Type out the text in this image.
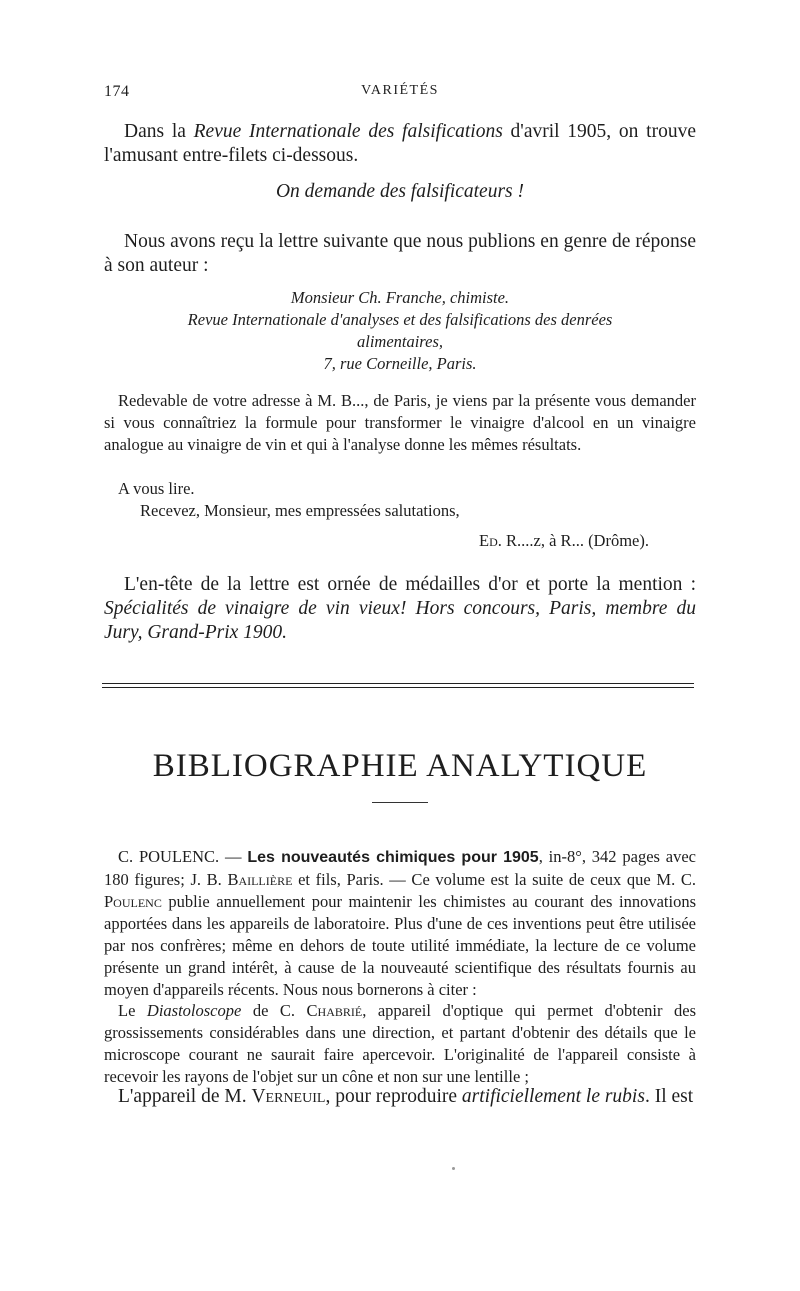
174	VARIÉTÉS

Dans la Revue Internationale des falsifications d'avril 1905, on trouve l'amusant entre-filets ci-dessous.

On demande des falsificateurs !

Nous avons reçu la lettre suivante que nous publions en genre de réponse à son auteur :

Monsieur Ch. Franche, chimiste.
Revue Internationale d'analyses et des falsifications des denrées
alimentaires,
7, rue Corneille, Paris.

Redevable de votre adresse à M. B..., de Paris, je viens par la présente vous demander si vous connaîtriez la formule pour transformer le vinaigre d'alcool en un vinaigre analogue au vinaigre de vin et qui à l'analyse donne les mêmes résultats.

A vous lire.

Recevez, Monsieur, mes empressées salutations,

Ed. R....z, à R... (Drôme).

L'en-tête de la lettre est ornée de médailles d'or et porte la mention : Spécialités de vinaigre de vin vieux! Hors concours, Paris, membre du Jury, Grand-Prix 1900.

BIBLIOGRAPHIE ANALYTIQUE

C. POULENC. — Les nouveautés chimiques pour 1905, in-8°, 342 pages avec 180 figures; J. B. Baillière et fils, Paris. — Ce volume est la suite de ceux que M. C. Poulenc publie annuellement pour maintenir les chimistes au courant des innovations apportées dans les appareils de laboratoire. Plus d'une de ces inventions peut être utilisée par nos confrères; même en dehors de toute utilité immédiate, la lecture de ce volume présente un grand intérêt, à cause de la nouveauté scientifique des résultats fournis au moyen d'appareils récents. Nous nous bornerons à citer :

Le Diastoloscope de C. Chabrié, appareil d'optique qui permet d'obtenir des grossissements considérables dans une direction, et partant d'obtenir des détails que le microscope courant ne saurait faire apercevoir. L'originalité de l'appareil consiste à recevoir les rayons de l'objet sur un cône et non sur une lentille ;

L'appareil de M. Verneuil, pour reproduire artificiellement le rubis. Il est
